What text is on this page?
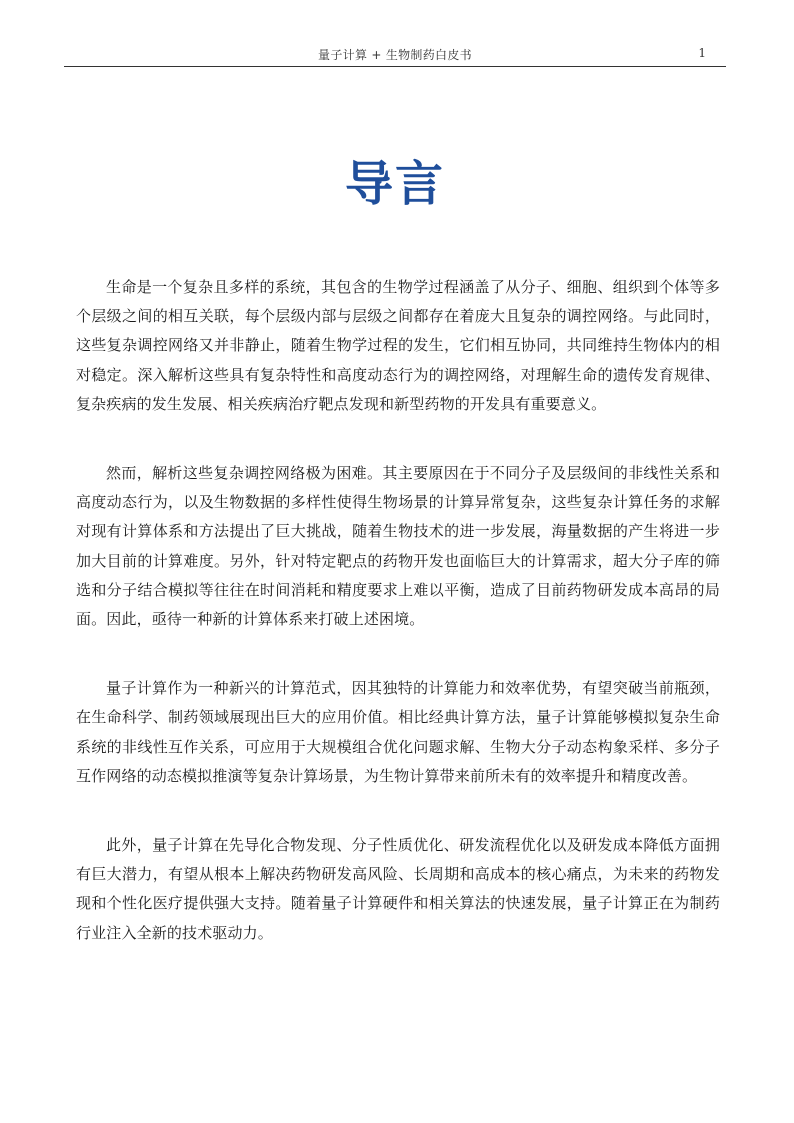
量子计算 + 生物制药白皮书	1
导言

生命是一个复杂且多样的系统，其包含的生物学过程涵盖了从分子、细胞、组织到个体等多个层级之间的相互关联，每个层级内部与层级之间都存在着庞大且复杂的调控网络。与此同时，这些复杂调控网络又并非静止，随着生物学过程的发生，它们相互协同，共同维持生物体内的相对稳定。深入解析这些具有复杂特性和高度动态行为的调控网络，对理解生命的遗传发育规律、复杂疾病的发生发展、相关疾病治疗靶点发现和新型药物的开发具有重要意义。

然而，解析这些复杂调控网络极为困难。其主要原因在于不同分子及层级间的非线性关系和高度动态行为，以及生物数据的多样性使得生物场景的计算异常复杂，这些复杂计算任务的求解对现有计算体系和方法提出了巨大挑战，随着生物技术的进一步发展，海量数据的产生将进一步加大目前的计算难度。另外，针对特定靶点的药物开发也面临巨大的计算需求，超大分子库的筛选和分子结合模拟等往往在时间消耗和精度要求上难以平衡，造成了目前药物研发成本高昂的局面。因此，亟待一种新的计算体系来打破上述困境。

量子计算作为一种新兴的计算范式，因其独特的计算能力和效率优势，有望突破当前瓶颈，在生命科学、制药领域展现出巨大的应用价值。相比经典计算方法，量子计算能够模拟复杂生命系统的非线性互作关系，可应用于大规模组合优化问题求解、生物大分子动态构象采样、多分子互作网络的动态模拟推演等复杂计算场景，为生物计算带来前所未有的效率提升和精度改善。

此外，量子计算在先导化合物发现、分子性质优化、研发流程优化以及研发成本降低方面拥有巨大潜力，有望从根本上解决药物研发高风险、长周期和高成本的核心痛点，为未来的药物发现和个性化医疗提供强大支持。随着量子计算硬件和相关算法的快速发展，量子计算正在为制药行业注入全新的技术驱动力。
